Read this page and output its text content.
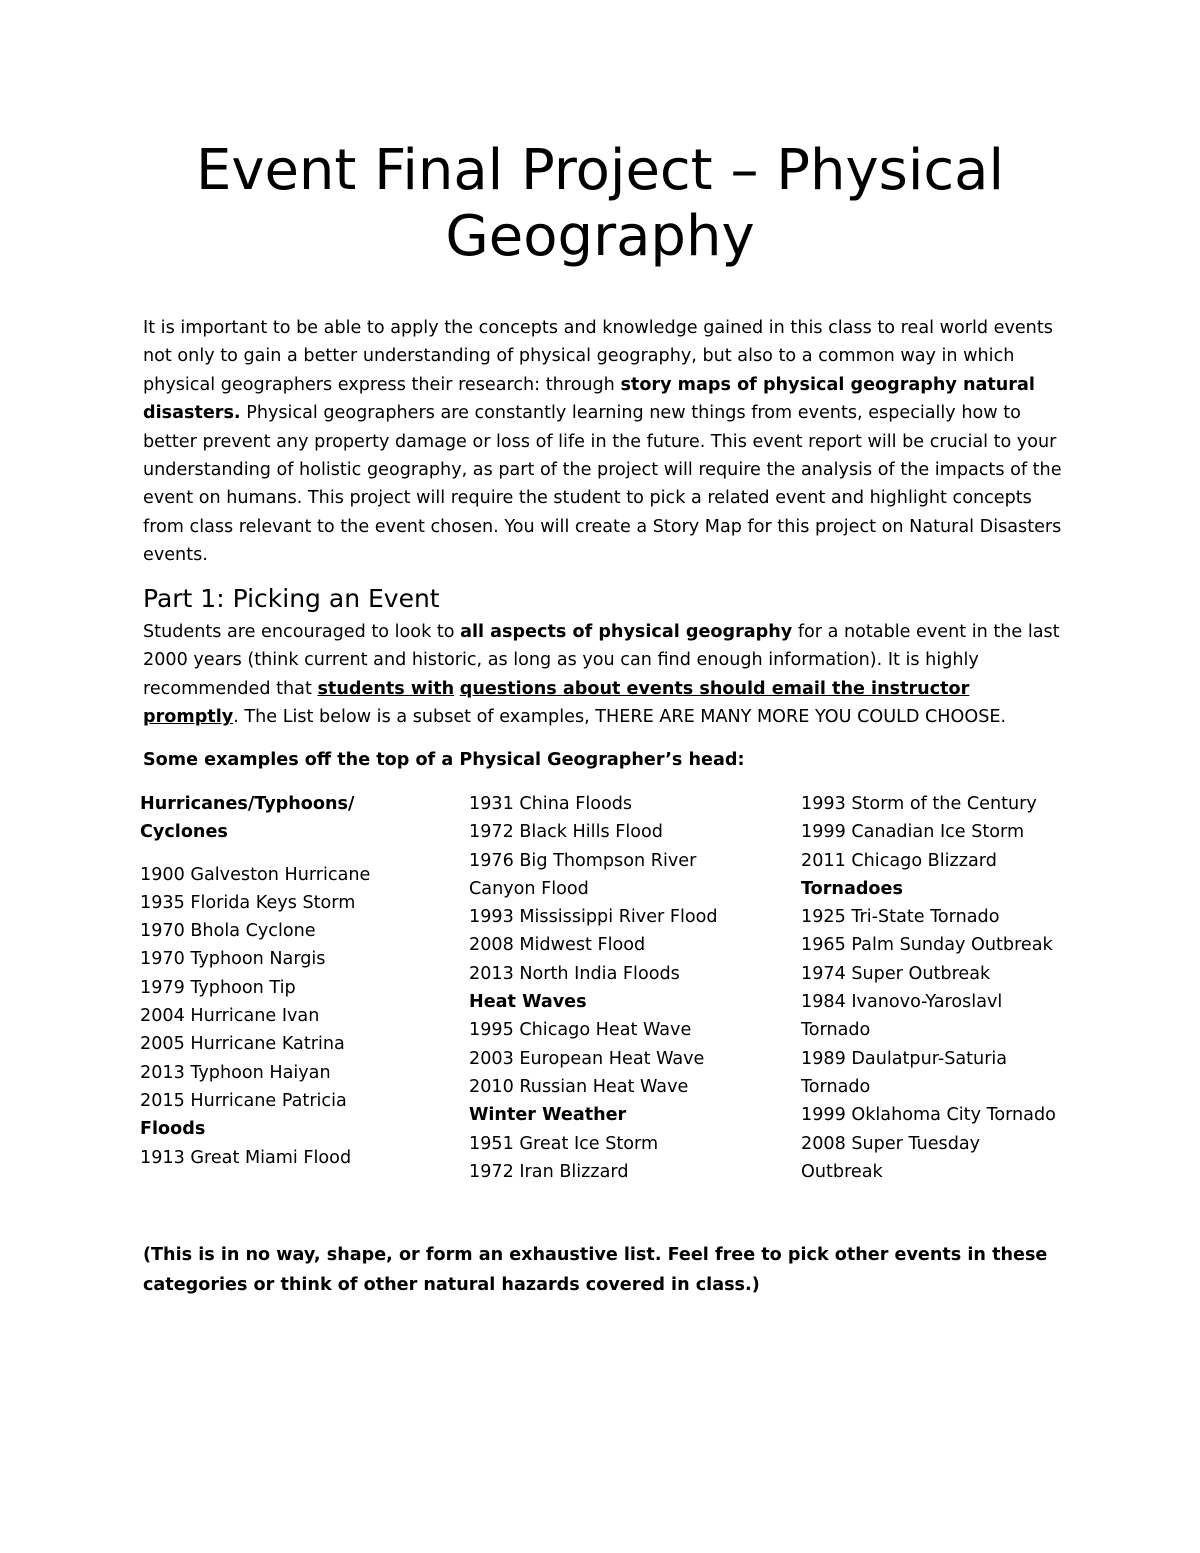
Event Final Project – Physical Geography

It is important to be able to apply the concepts and knowledge gained in this class to real world events not only to gain a better understanding of physical geography, but also to a common way in which physical geographers express their research: through story maps of physical geography natural disasters. Physical geographers are constantly learning new things from events, especially how to better prevent any property damage or loss of life in the future. This event report will be crucial to your understanding of holistic geography, as part of the project will require the analysis of the impacts of the event on humans. This project will require the student to pick a related event and highlight concepts from class relevant to the event chosen. You will create a Story Map for this project on Natural Disasters events.

Part 1: Picking an Event

Students are encouraged to look to all aspects of physical geography for a notable event in the last 2000 years (think current and historic, as long as you can find enough information). It is highly recommended that students with questions about events should email the instructor promptly. The List below is a subset of examples, THERE ARE MANY MORE YOU COULD CHOOSE.

Some examples off the top of a Physical Geographer’s head:

Hurricanes/Typhoons/
Cyclones
1900 Galveston Hurricane
1935 Florida Keys Storm
1970 Bhola Cyclone
1970 Typhoon Nargis
1979 Typhoon Tip
2004 Hurricane Ivan
2005 Hurricane Katrina
2013 Typhoon Haiyan
2015 Hurricane Patricia
Floods
1913 Great Miami Flood
1931 China Floods
1972 Black Hills Flood
1976 Big Thompson River
Canyon Flood
1993 Mississippi River Flood
2008 Midwest Flood
2013 North India Floods
Heat Waves
1995 Chicago Heat Wave
2003 European Heat Wave
2010 Russian Heat Wave
Winter Weather
1951 Great Ice Storm
1972 Iran Blizzard
1993 Storm of the Century
1999 Canadian Ice Storm
2011 Chicago Blizzard
Tornadoes
1925 Tri-State Tornado
1965 Palm Sunday Outbreak
1974 Super Outbreak
1984 Ivanovo-Yaroslavl
Tornado
1989 Daulatpur-Saturia
Tornado
1999 Oklahoma City Tornado
2008 Super Tuesday
Outbreak

(This is in no way, shape, or form an exhaustive list. Feel free to pick other events in these categories or think of other natural hazards covered in class.)
